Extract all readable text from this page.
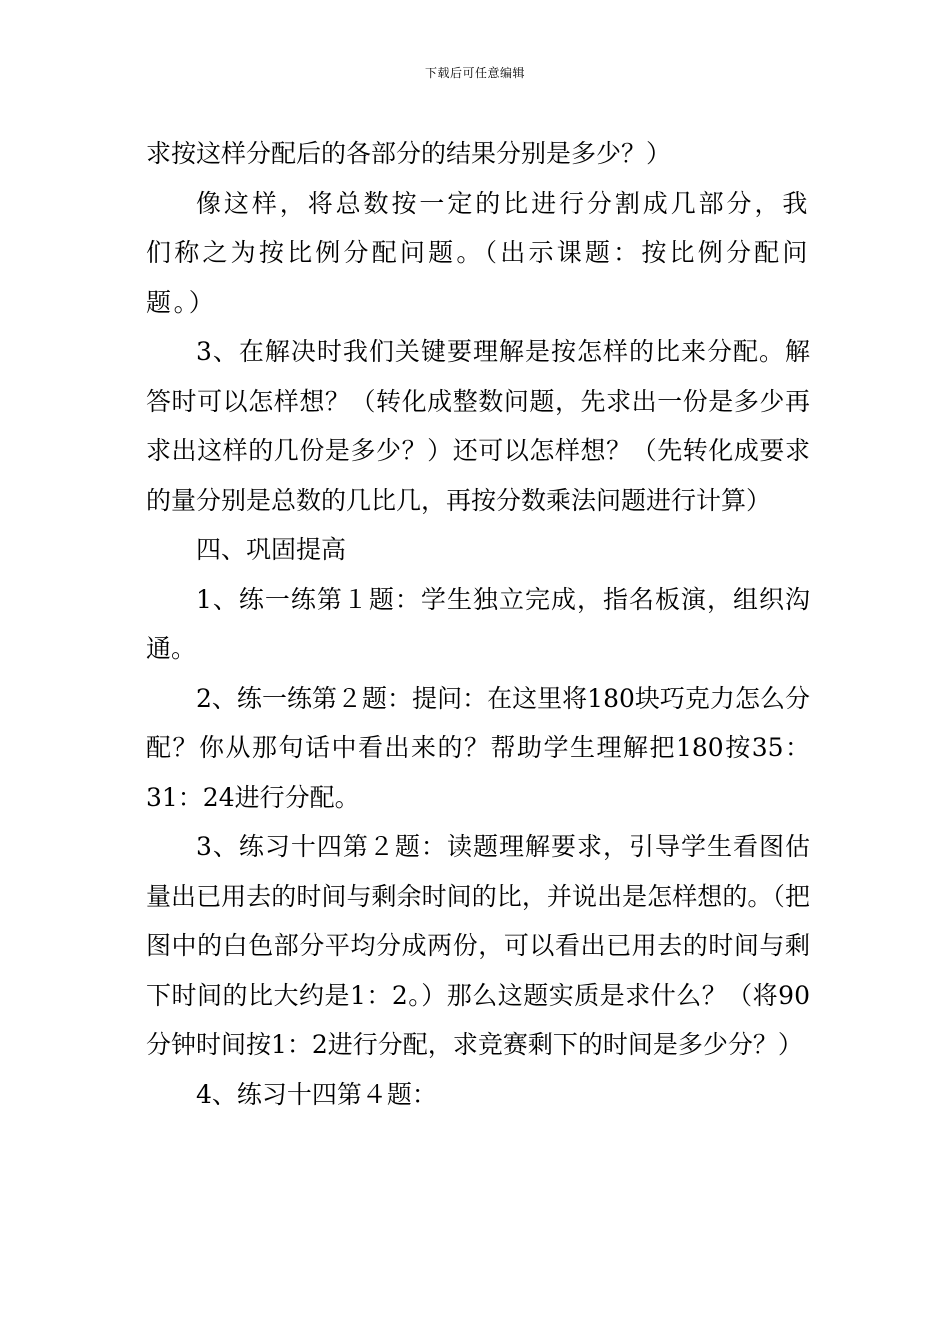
下载后可任意编辑

求按这样分配后的各部分的结果分别是多少？）

像这样，将总数按一定的比进行分割成几部分，我们称之为按比例分配问题。（出示课题：按比例分配问题。）

3、在解决时我们关键要理解是按怎样的比来分配。解答时可以怎样想？（转化成整数问题，先求出一份是多少再求出这样的几份是多少？）还可以怎样想？（先转化成要求的量分别是总数的几比几，再按分数乘法问题进行计算）

四、巩固提高

1、练一练第１题：学生独立完成，指名板演，组织沟通。

2、练一练第２题：提问：在这里将180块巧克力怎么分配？你从那句话中看出来的？帮助学生理解把180按35：31：24进行分配。

3、练习十四第２题：读题理解要求，引导学生看图估量出已用去的时间与剩余时间的比，并说出是怎样想的。（把图中的白色部分平均分成两份，可以看出已用去的时间与剩下时间的比大约是1：2。）那么这题实质是求什么？（将90分钟时间按1：2进行分配，求竞赛剩下的时间是多少分？）

4、练习十四第４题：
